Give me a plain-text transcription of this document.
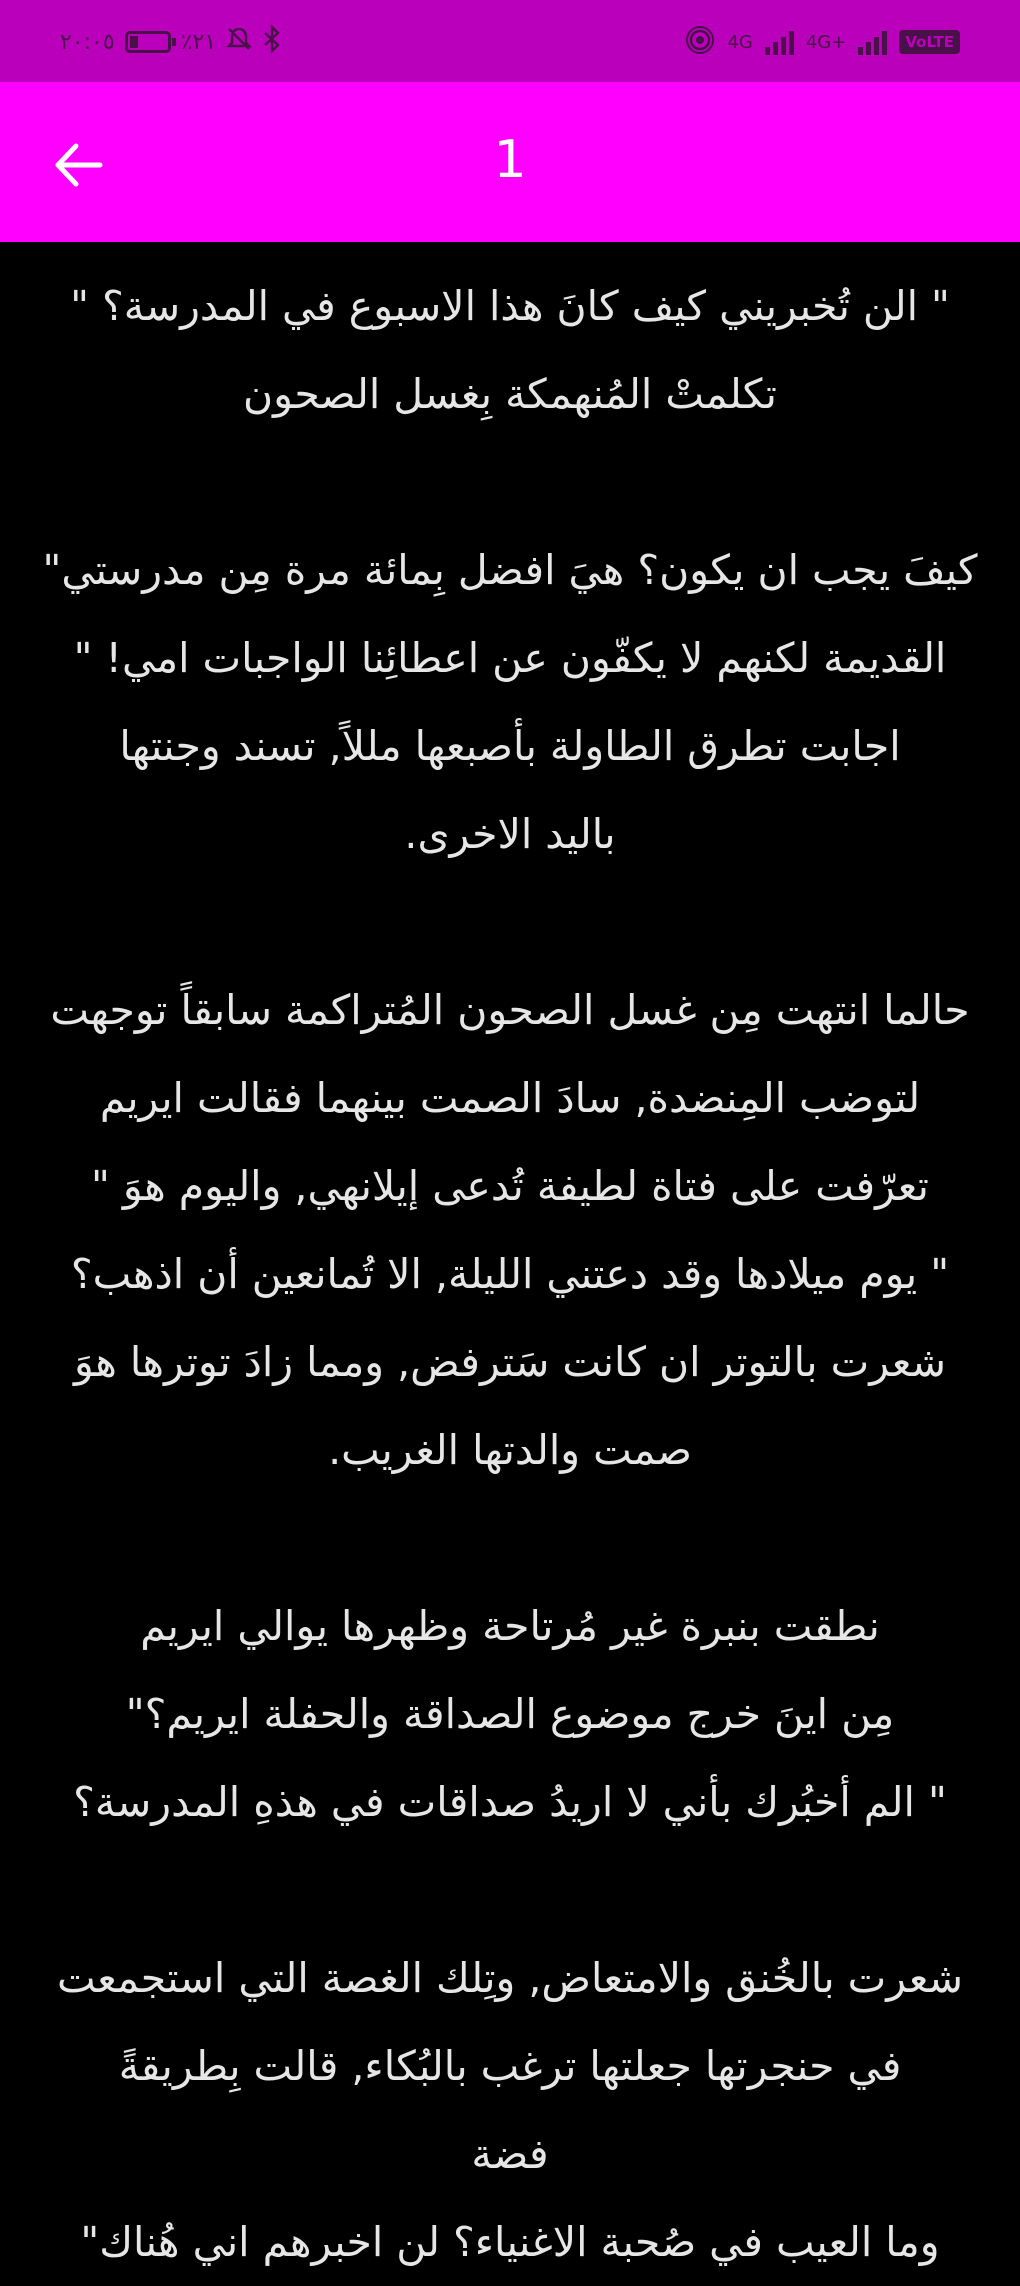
٢٠:٠٥	٪٢١	4G	4G+	VoLTE
1
" الن تُخبريني كيف كانَ هذا الاسبوع في المدرسة؟ "
تكلمتْ المُنهمكة بِغسل الصحون
كيفَ يجب ان يكون؟ هيَ افضل بِمائة مرة مِن مدرستي"
القديمة لكنهم لا يكفّون عن اعطائِنا الواجبات امي! "
اجابت تطرق الطاولة بأصبعها مللاً, تسند وجنتها
باليد الاخرى.
حالما انتهت مِن غسل الصحون المُتراكمة سابقاً توجهت
لتوضب المِنضدة, سادَ الصمت بينهما فقالت ايريم
تعرّفت على فتاة لطيفة تُدعى إيلانهي, واليوم هوَ "
" يوم ميلادها وقد دعتني الليلة, الا تُمانعين أن اذهب؟
شعرت بالتوتر ان كانت سَترفض, ومما زادَ توترها هوَ
صمت والدتها الغريب.
نطقت بنبرة غير مُرتاحة وظهرها يوالي ايريم
مِن اينَ خرج موضوع الصداقة والحفلة ايريم؟"
" الم أخبُرك بأني لا اريدُ صداقات في هذهِ المدرسة؟
شعرت بالخُنق والامتعاض, وتِلك الغصة التي استجمعت
في حنجرتها جعلتها ترغب بالبُكاء, قالت بِطريقةً
فضة
وما العيب في صُحبة الاغنياء؟ لن اخبرهم اني هُناك"
